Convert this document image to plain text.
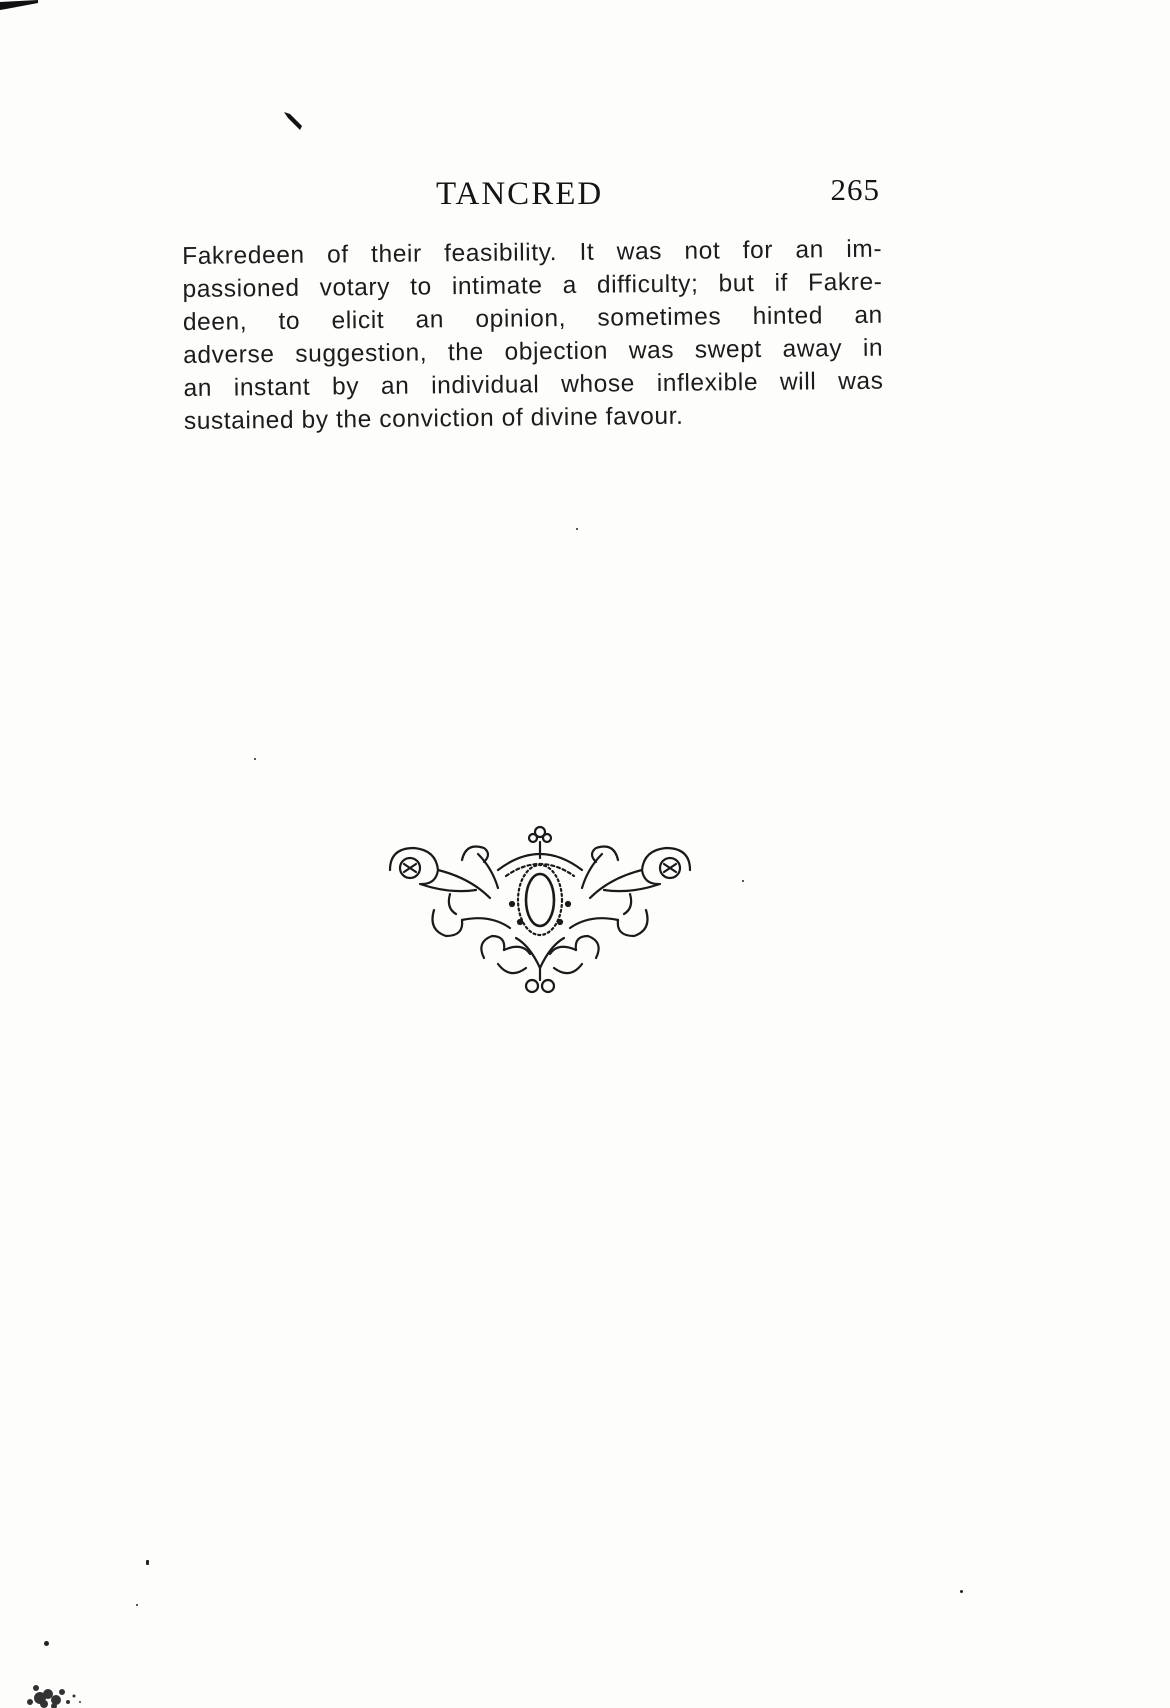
TANCRED	265
Fakredeen of their feasibility. It was not for an im-
passioned votary to intimate a difficulty; but if Fakre-
deen, to elicit an opinion, sometimes hinted an
adverse suggestion, the objection was swept away in
an instant by an individual whose inflexible will was
sustained by the conviction of divine favour.
